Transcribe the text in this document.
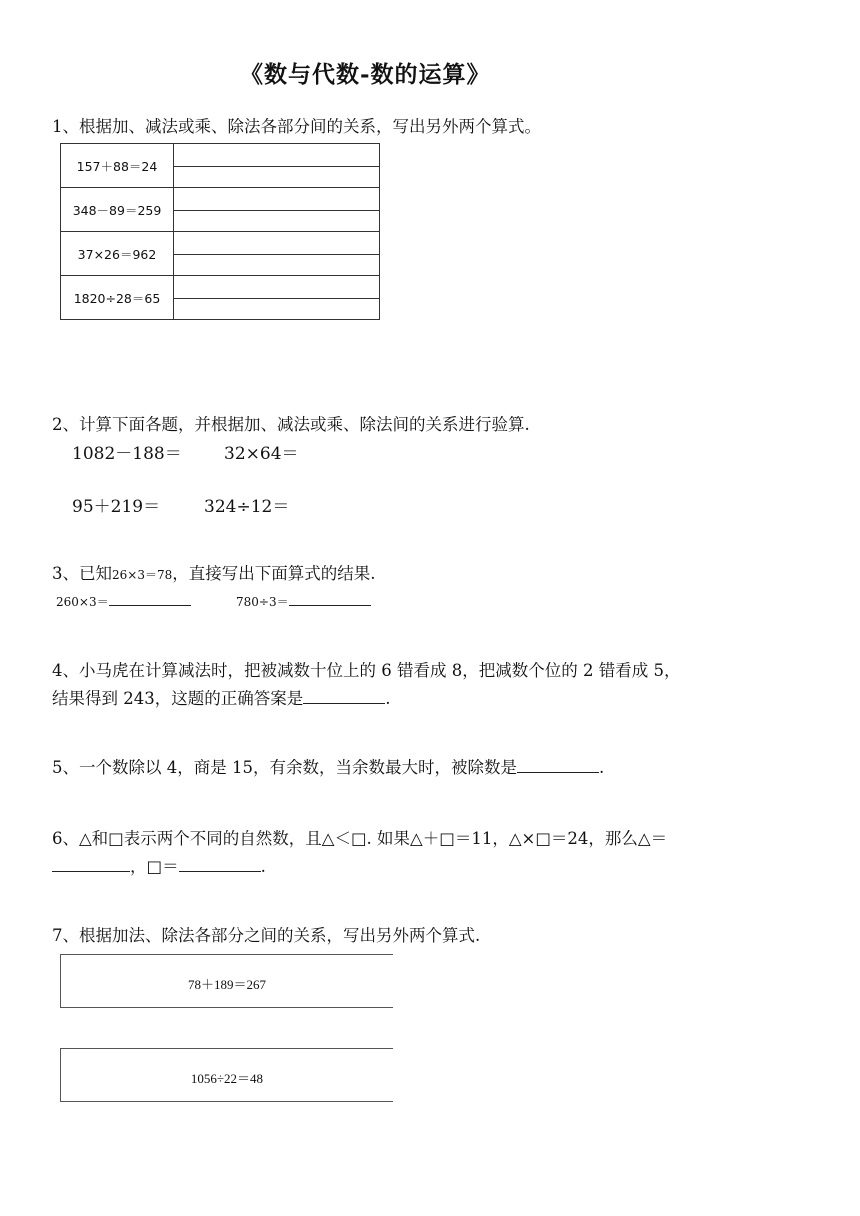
《数与代数-数的运算》
1、根据加、减法或乘、除法各部分间的关系，写出另外两个算式。
157＋88＝24	

348－89＝259	

37×26＝962	

1820÷28＝65	
2、计算下面各题，并根据加、减法或乘、除法间的关系进行验算.
1082－188＝ 32×64＝
95＋219＝	324÷12＝
3、已知26×3＝78，直接写出下面算式的结果.
260×3＝	780÷3＝
4、小马虎在计算减法时，把被减数十位上的 6 错看成 8，把减数个位的 2 错看成 5，
结果得到 243，这题的正确答案是	.
5、一个数除以 4，商是 15，有余数，当余数最大时，被除数是	.
6、△和□表示两个不同的自然数，且△＜□. 如果△＋□＝11，△×□＝24，那么△＝
，□＝	.
7、根据加法、除法各部分之间的关系，写出另外两个算式.
78＋189＝267
1056÷22＝48
